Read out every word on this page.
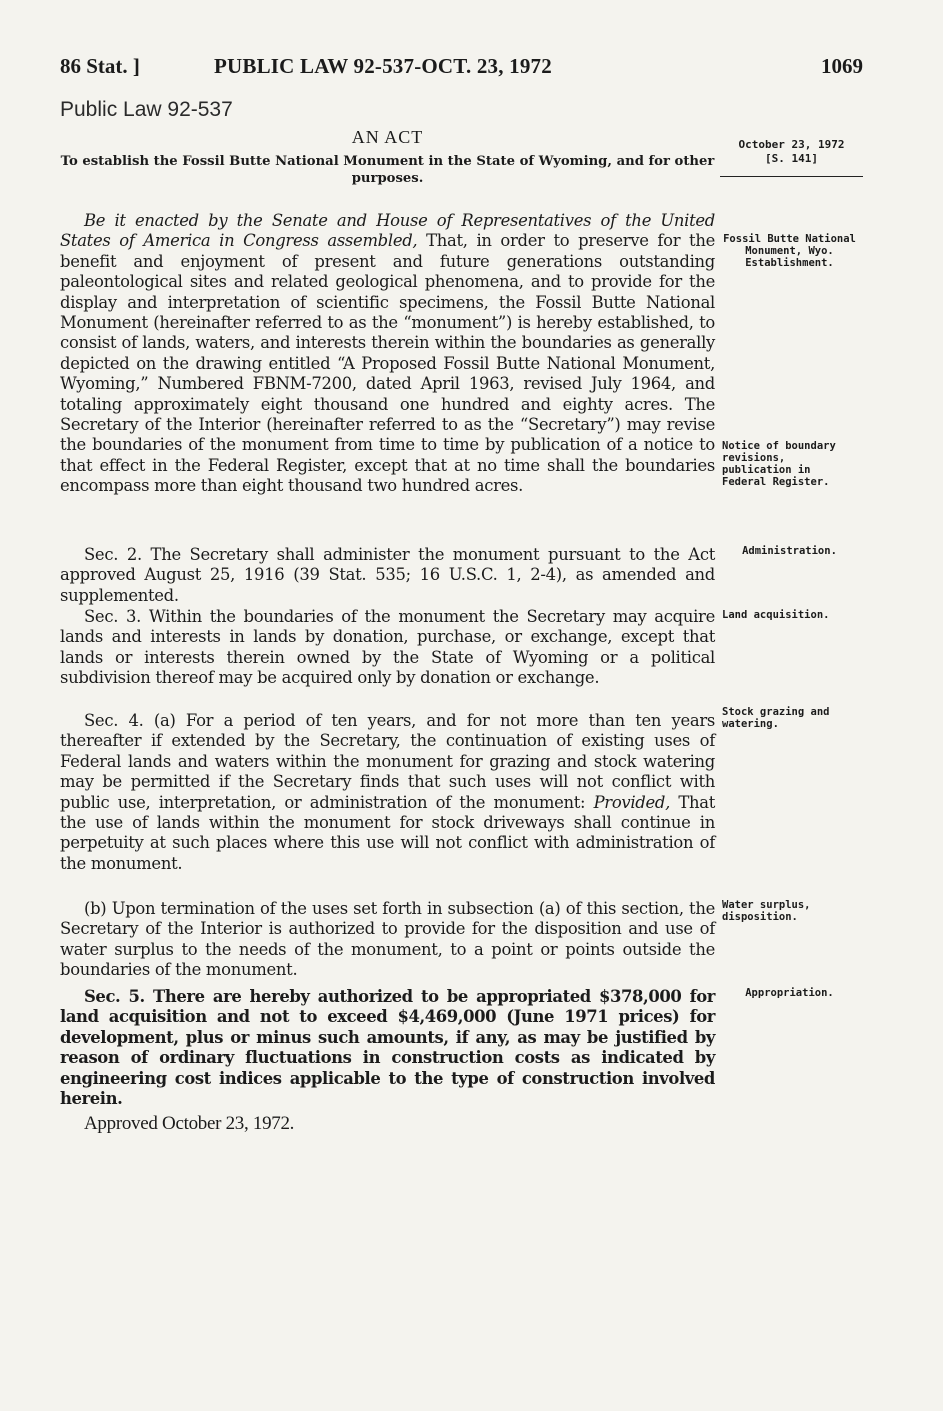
86 Stat. ]	PUBLIC LAW 92-537-OCT. 23, 1972	1069
Public Law 92-537
AN ACT
To establish the Fossil Butte National Monument in the State of Wyoming, and for other purposes.
October 23, 1972
[S. 141]
Be it enacted by the Senate and House of Representatives of the United States of America in Congress assembled, That, in order to preserve for the benefit and enjoyment of present and future generations outstanding paleontological sites and related geological phenomena, and to provide for the display and interpretation of scientific specimens, the Fossil Butte National Monument (hereinafter referred to as the “monument”) is hereby established, to consist of lands, waters, and interests therein within the boundaries as generally depicted on the drawing entitled “A Proposed Fossil Butte National Monument, Wyoming,” Numbered FBNM-7200, dated April 1963, revised July 1964, and totaling approximately eight thousand one hundred and eighty acres. The Secretary of the Interior (hereinafter referred to as the “Secretary”) may revise the boundaries of the monument from time to time by publication of a notice to that effect in the Federal Register, except that at no time shall the boundaries encompass more than eight thousand two hundred acres.
Sec. 2. The Secretary shall administer the monument pursuant to the Act approved August 25, 1916 (39 Stat. 535; 16 U.S.C. 1, 2-4), as amended and supplemented.
Sec. 3. Within the boundaries of the monument the Secretary may acquire lands and interests in lands by donation, purchase, or exchange, except that lands or interests therein owned by the State of Wyoming or a political subdivision thereof may be acquired only by donation or exchange.
Sec. 4. (a) For a period of ten years, and for not more than ten years thereafter if extended by the Secretary, the continuation of existing uses of Federal lands and waters within the monument for grazing and stock watering may be permitted if the Secretary finds that such uses will not conflict with public use, interpretation, or administration of the monument: Provided, That the use of lands within the monument for stock driveways shall continue in perpetuity at such places where this use will not conflict with administration of the monument.
(b) Upon termination of the uses set forth in subsection (a) of this section, the Secretary of the Interior is authorized to provide for the disposition and use of water surplus to the needs of the monument, to a point or points outside the boundaries of the monument.
Sec. 5. There are hereby authorized to be appropriated $378,000 for land acquisition and not to exceed $4,469,000 (June 1971 prices) for development, plus or minus such amounts, if any, as may be justified by reason of ordinary fluctuations in construction costs as indicated by engineering cost indices applicable to the type of construction involved herein.
Approved October 23, 1972.
Fossil Butte National Monument, Wyo. Establishment.
Notice of boundary revisions, publication in Federal Register.
Administration.
Land acquisition.
Stock grazing and watering.
Water surplus, disposition.
Appropriation.
